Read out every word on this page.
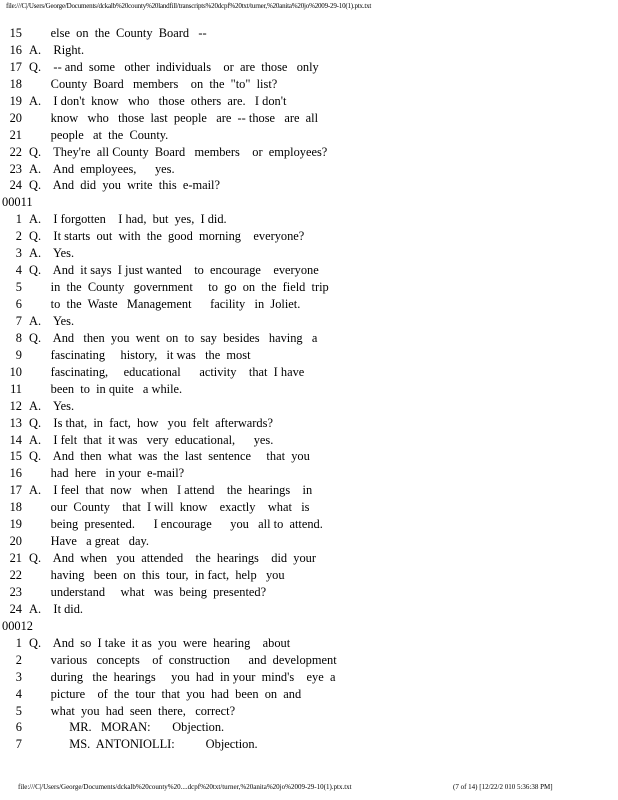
file:///C|/Users/George/Documents/dckalb%20county%20landfill/transcripts%20dcpf%20txt/turner,%20anita%20jo%2009-29-10(1).ptx.txt
15 else  on  the  County  Board   --
16 A.    Right.
17 Q.    -- and  some   other  individuals    or  are  those   only
18 County  Board   members    on  the  "to"  list?
19 A.    I don't  know   who   those  others  are.   I don't
20 know   who   those  last  people   are  -- those   are  all
21 people   at  the  County.
22 Q.    They're  all County  Board   members    or  employees?
23 A.    And  employees,      yes.
24 Q.    And  did  you  write  this  e-mail?
00011
1 A.    I forgotten    I had,  but  yes,  I did.
2 Q.    It starts  out  with  the  good  morning    everyone?
3 A.    Yes.
4 Q.    And  it says  I just wanted    to  encourage    everyone
5 in  the  County   government     to  go  on  the  field  trip
6 to  the  Waste   Management      facility   in  Joliet.
7 A.    Yes.
8 Q.    And   then  you  went  on  to  say  besides   having   a
9 fascinating     history,   it was   the  most
10 fascinating,     educational      activity    that  I have
11 been  to  in quite   a while.
12 A.    Yes.
13 Q.    Is that,  in  fact,  how   you  felt  afterwards?
14 A.    I felt  that  it was   very  educational,      yes.
15 Q.    And  then  what  was  the  last  sentence     that  you
16 had  here   in your  e-mail?
17 A.    I feel  that  now   when   I attend    the  hearings    in
18 our  County    that  I will  know    exactly    what   is
19 being  presented.      I encourage      you   all to  attend.
20 Have   a great   day.
21 Q.    And  when   you  attended    the  hearings    did  your
22 having   been  on  this  tour,  in fact,  help   you
23 understand     what   was  being  presented?
24 A.    It did.
00012
1 Q.    And  so  I take  it as  you  were  hearing    about
2 various   concepts    of  construction      and  development
3 during   the  hearings     you  had  in your  mind's    eye  a
4 picture    of  the  tour  that  you  had  been  on  and
5 what  you  had  seen  there,   correct?
6 MR.   MORAN:       Objection.
7 MS.  ANTONIOLLI:          Objection.
file:///C|/Users/George/Documents/dckalb%20county%20....dcpf%20txt/turner,%20anita%20jo%2009-29-10(1).ptx.txt	(7 of 14) [12/22/2 010 5:36:38 PM]
